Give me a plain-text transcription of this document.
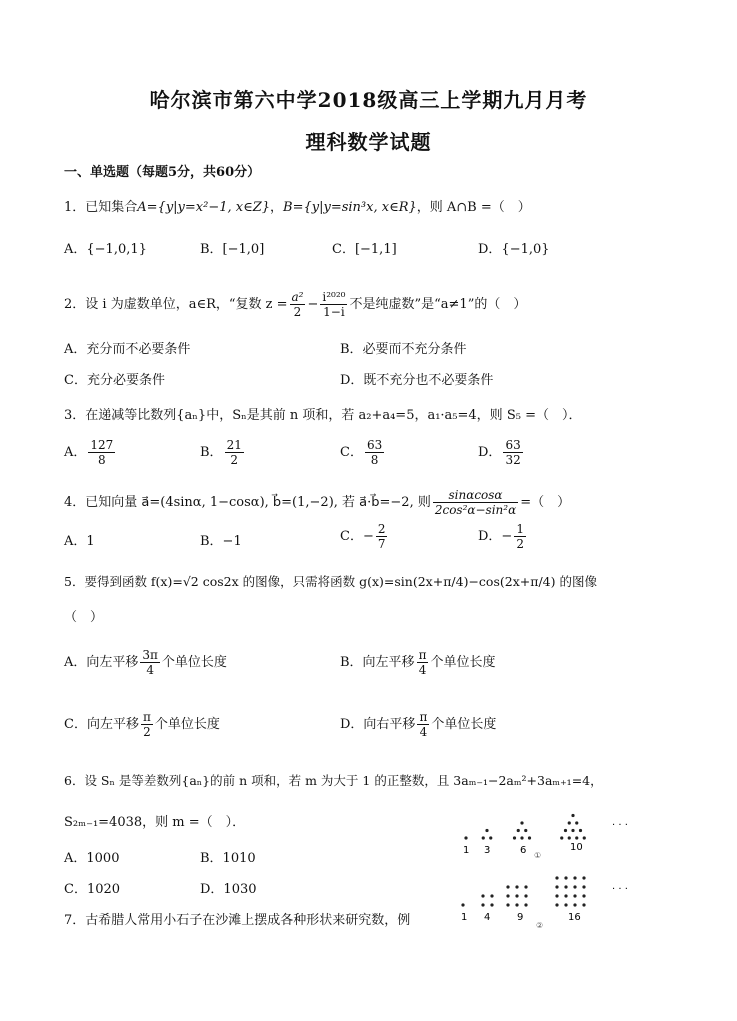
哈尔滨市第六中学2018级高三上学期九月月考
理科数学试题
一、单选题（每题5分，共60分）
1．已知集合A={y|y=x²−1, x∈Z}，B={y|y=sin³x, x∈R}，则 A∩B =（　）
A．{−1,0,1}	B．[−1,0]	C．[−1,1]	D．{−1,0}
2．设 i 为虚数单位，a∈R，“复数 $z = \frac{\text{a²}}{2} - \frac{\text{i²⁰²⁰}}{1-i}$ 不是纯虚数”是“a≠1”的（　）
A．充分而不必要条件	B．必要而不充分条件
C．充分必要条件	D．既不充分也不必要条件
3．在递减等比数列{aₙ}中，Sₙ是其前 n 项和，若 a₂+a₄=5，a₁·a₅=4，则 S₅ =（　）．
A． $\frac{127}{8}$	B． $\frac{21}{2}$	C． $\frac{63}{8}$	D． $\frac{63}{32}$
4．已知向量 a⃗=(4sinα, 1−cosα), b⃗=(1,−2), 若 a⃗·b⃗=−2, 则 $\frac{\sin\alpha\cos\alpha}{\text{2cos²α−sin²α}}$ =（　）
A．1	B．−1	C．− $\frac{2}{7}$	D．− $\frac{1}{2}$
5．要得到函数 f(x)=√2 cos2x 的图像，只需将函数 g(x)=sin(2x+π/4)−cos(2x+π/4) 的图像
（　）
A．向左平移 $\frac{3\pi}{4}$ 个单位长度	B．向左平移 $\frac{\pi}{4}$ 个单位长度
C．向左平移 $\frac{\pi}{2}$ 个单位长度	D．向右平移 $\frac{\pi}{4}$ 个单位长度
6．设 Sₙ 是等差数列{aₙ}的前 n 项和，若 m 为大于 1 的正整数，且 3aₘ₋₁−2aₘ²+3aₘ₊₁=4，
S₂ₘ₋₁=4038，则 m =（　）．
A．1000	B．1010
C．1020	D．1030
7．古希腊人常用小石子在沙滩上摆成各种形状来研究数，例
1 3	6 ①
10
· · ·
1 4	9
②
16
· · ·
